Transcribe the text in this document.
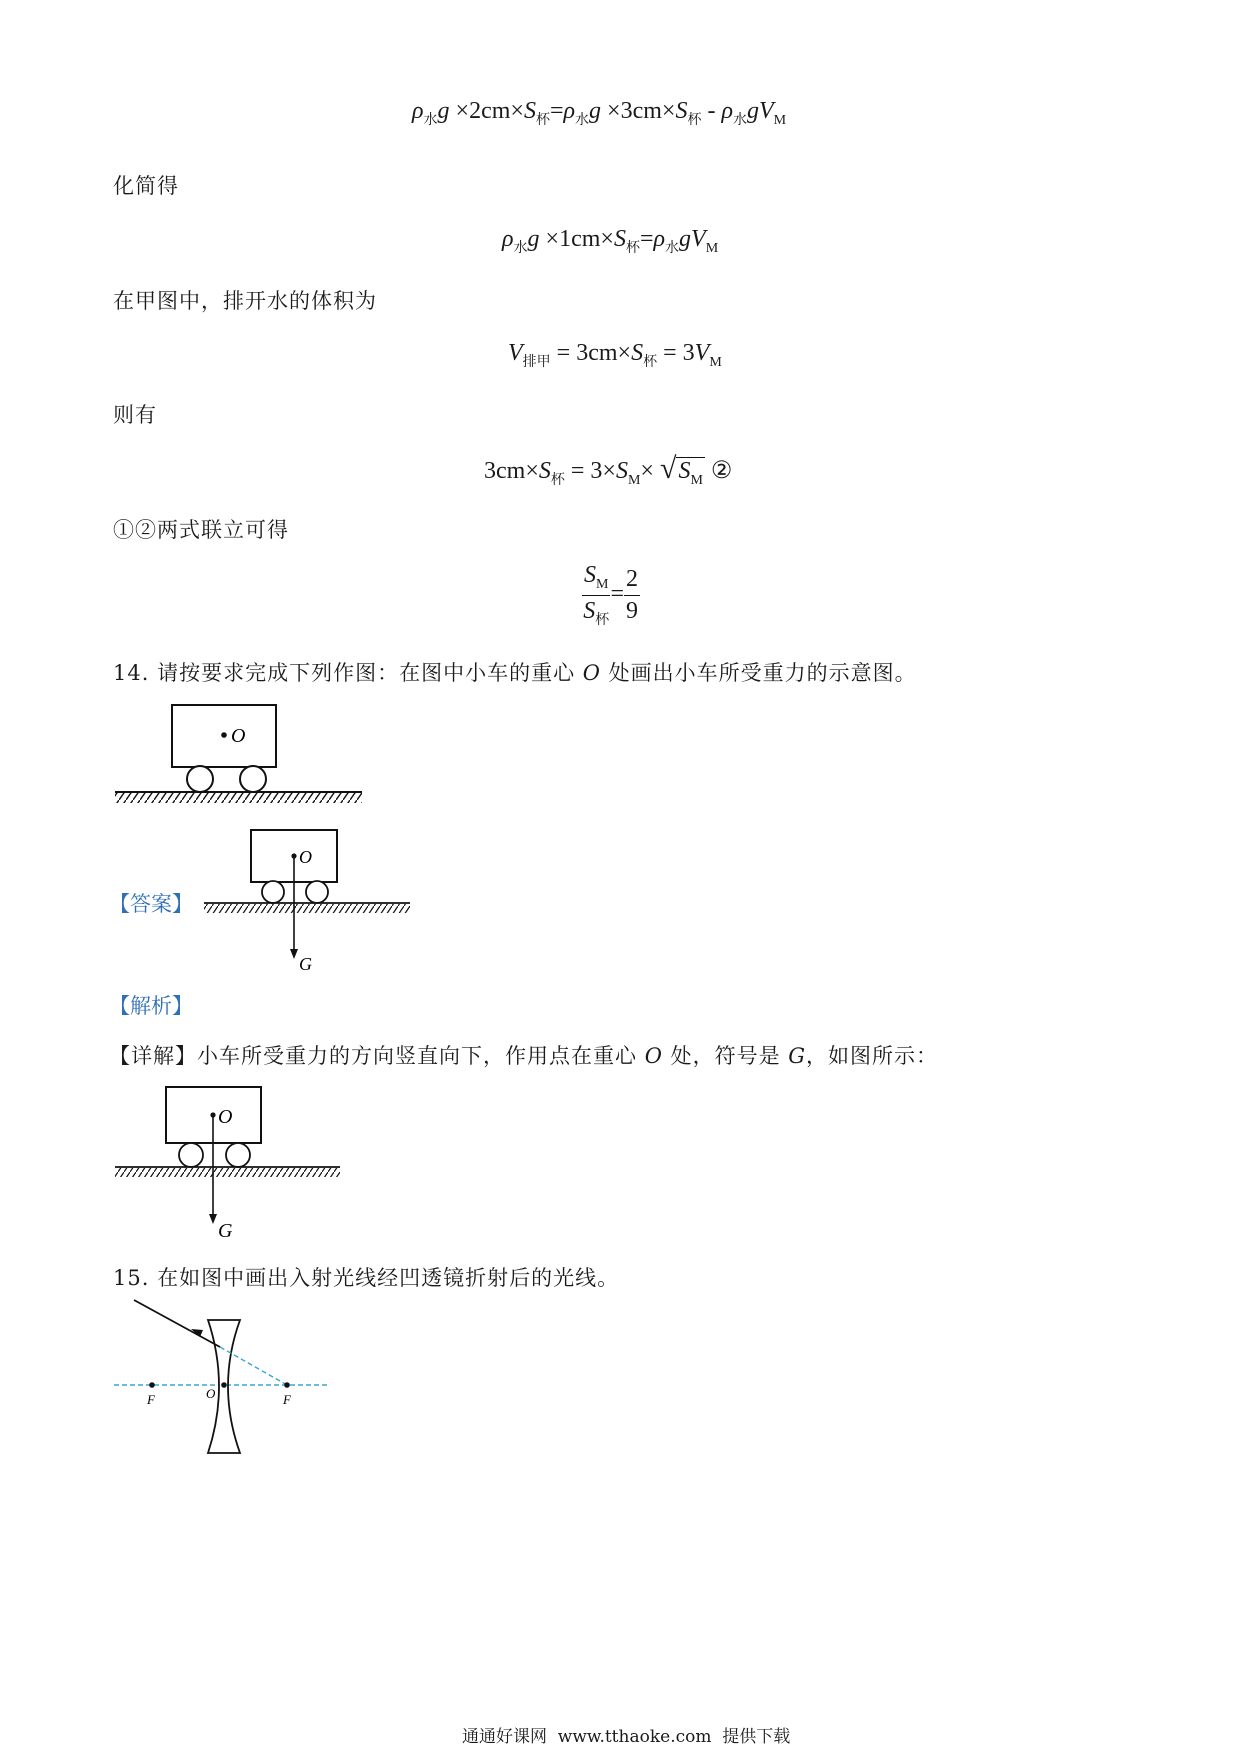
$\rho_水g \times 2cm\times S_杯=\rho_水g \times 3cm\times S_杯 - \rho_水gV_M$
化简得
$\rho_水g \times 1cm\times S_杯=\rho_水gV_M$
在甲图中，排开水的体积为
$V_{排甲} = 3cm\times S_杯 = 3V_M$
则有
$3cm\times S_杯 = 3\times S_M\times √S_M$ ②
①②两式联立可得
$\frac{S_M}{S_杯} = \frac{2}{9}$
14. 请按要求完成下列作图：在图中小车的重心 O 处画出小车所受重力的示意图。
O
【答案】
O
G
【解析】
【详解】小车所受重力的方向竖直向下，作用点在重心 O 处，符号是 G，如图所示：
O
G
15. 在如图中画出入射光线经凹透镜折射后的光线。
F	O	F
通通好课网  www.tthaoke.com  提供下载
